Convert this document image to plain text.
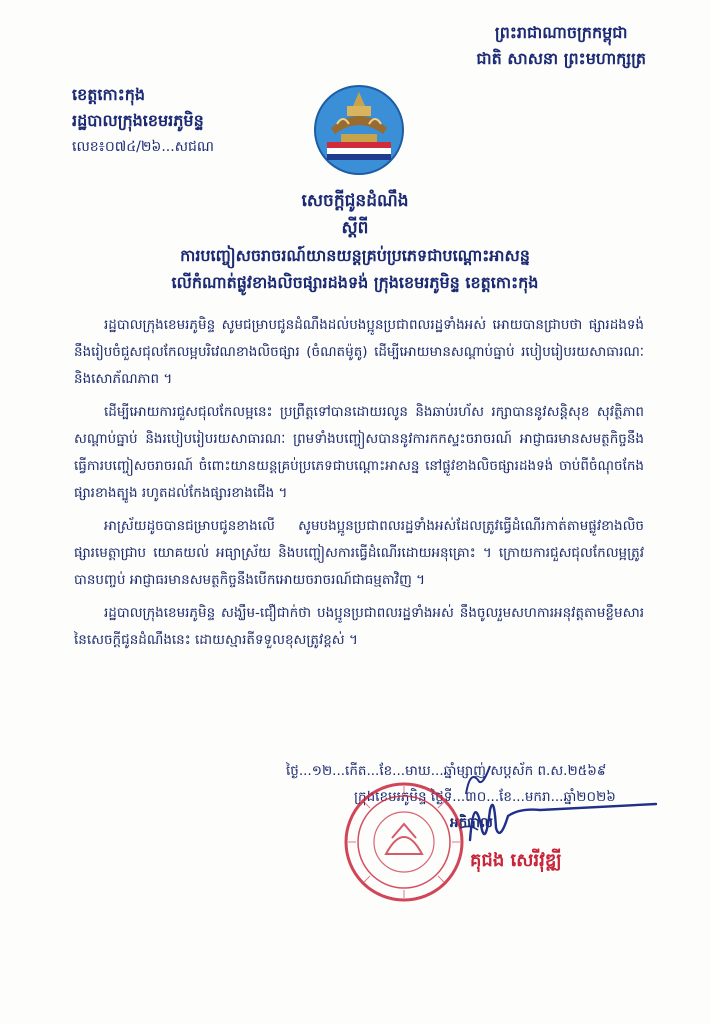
ព្រះរាជាណាចក្រកម្ពុជា
ជាតិ សាសនា ព្រះមហាក្សត្រ
ខេត្តកោះកុង
រដ្ឋបាលក្រុងខេមរភូមិន្ទ
លេខ៖០៧៤/២៦...សជណ
សេចក្តីជូនដំណឹង
ស្តីពី
ការបញ្ចៀសចរាចរណ៍យានយន្តគ្រប់ប្រភេទជាបណ្តោះអាសន្ន
លើកំណាត់ផ្លូវខាងលិចផ្សារដងទង់ ក្រុងខេមរភូមិន្ទ ខេត្តកោះកុង

រដ្ឋបាលក្រុងខេមរភូមិន្ទ សូមជម្រាបជូនដំណឹងដល់បងប្អូនប្រជាពលរដ្ឋទាំងអស់ អោយបានជ្រាបថា ផ្សារដងទង់នឹងរៀបចំជួសជុលកែលម្អបរិវេណខាងលិចផ្សារ (ចំណតម៉ូតូ) ដើម្បីអោយមានសណ្តាប់ធ្នាប់ របៀបរៀបរយសាធារណៈ និងសោភ័ណភាព ។

ដើម្បីអោយការជួសជុលកែលម្អនេះ ប្រព្រឹត្តទៅបានដោយរលូន និងឆាប់រហ័ស រក្សាបាននូវសន្តិសុខ សុវត្ថិភាព សណ្តាប់ធ្នាប់ និងរបៀបរៀបរយសាធារណៈ ព្រមទាំងបញ្ចៀសបាននូវការកកស្ទះចរាចរណ៍ អាជ្ញាធរមានសមត្ថកិច្ចនឹងធ្វើការបញ្ចៀសចរាចរណ៍ ចំពោះយានយន្តគ្រប់ប្រភេទជាបណ្តោះអាសន្ន នៅផ្លូវខាងលិចផ្សារដងទង់ ចាប់ពីចំណុចកែងផ្សារខាងត្បូង រហូតដល់កែងផ្សារខាងជើង ។

អាស្រ័យដូចបានជម្រាបជូនខាងលើ សូមបងប្អូនប្រជាពលរដ្ឋទាំងអស់ដែលត្រូវធ្វើដំណើរកាត់តាមផ្លូវខាងលិចផ្សារមេត្តាជ្រាប យោគយល់ អធ្យាស្រ័យ និងបញ្ចៀសការធ្វើដំណើរដោយអនុគ្រោះ ។ ក្រោយការជួសជុលកែលម្អត្រូវបានបញ្ចប់ អាជ្ញាធរមានសមត្ថកិច្ចនឹងបើកអោយចរាចរណ៍ជាធម្មតាវិញ ។

រដ្ឋបាលក្រុងខេមរភូមិន្ទ សង្ឃឹម-ជឿជាក់ថា បងប្អូនប្រជាពលរដ្ឋទាំងអស់ នឹងចូលរួមសហការអនុវត្តតាមខ្លឹមសារ នៃសេចក្តីជូនដំណឹងនេះ ដោយស្មារតីទទួលខុសត្រូវខ្ពស់ ។

ថ្ងៃ...១២...កើត...ខែ...មាឃ...ឆ្នាំម្សាញ់ សប្តស័ក ព.ស.២៥៦៩
ក្រុងខេមរភូមិន្ទ ថ្ងៃទី...៣០...ខែ...មករា...ឆ្នាំ២០២៦
អភិបាល
គុជង សេរីវុឌ្ឍី
